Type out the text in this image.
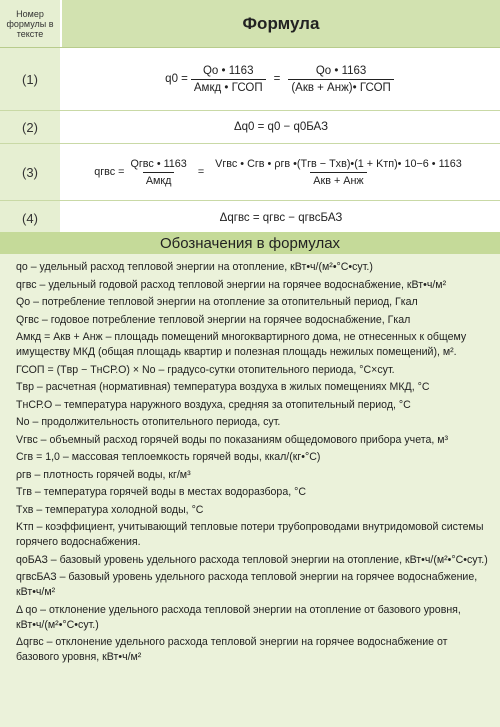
Номер формулы в тексте
Формула
(1)	$q0 = \frac{Qо • 1163}{\text{Aмкд • ГСОП}} = \frac{Qо • 1163}{\text{(Aкв + Aнж)• ГСОП}}$
(2)	Δq0 = q0 − q0БАЗ
(3)	qгвс = $\frac{\text{Qгвс • 1163}}{\text{Aмкд}} = \frac{\text{Vгвс • Cгв • ρгв •(Tгв − Tхв)•(1 + Kтп)• 10−6 • 1163}}{\text{Aкв + Aнж}}$
(4)	Δqгвс = qгвс − qгвсБАЗ
Обозначения в формулах

qо – удельный расход тепловой энергии на отопление, кВт•ч/(м²•°С•сут.)

qгвс – удельный годовой расход тепловой энергии на горячее водоснабжение, кВт•ч/м²

Qо – потребление тепловой энергии на отопление за отопительный период, Гкал

Qгвс – годовое потребление тепловой энергии на горячее водоснабжение, Гкал

Aмкд = Aкв + Aнж – площадь помещений многоквартирного дома, не отнесенных к общему имуществу МКД (общая площадь квартир и полезная площадь нежилых помещений), м².

ГСОП = (Tвр − TнСР.О) × Nо – градусо-сутки отопительного периода, °С×сут.

Tвр – расчетная (нормативная) температура воздуха в жилых помещениях МКД, °С

TнСР.О – температура наружного воздуха, средняя за отопительный период, °С

Nо – продолжительность отопительного периода, сут.

Vгвс – объемный расход горячей воды по показаниям общедомового прибора учета, м³

Cгв = 1,0 – массовая теплоемкость горячей воды, ккал/(кг•°С)

ρгв – плотность горячей воды, кг/м³

Tгв – температура горячей воды в местах водоразбора, °С

Tхв – температура холодной воды, °С

Kтп – коэффициент, учитывающий тепловые потери трубопроводами внутридомовой системы горячего водоснабжения.

qоБАЗ – базовый уровень удельного расхода тепловой энергии на отопление, кВт•ч/(м²•°С•сут.)

qгвсБАЗ – базовый уровень удельного расхода тепловой энергии на горячее водоснабжение, кВт•ч/м²

Δ qо – отклонение удельного расхода тепловой энергии на отопление от базового уровня, кВт•ч/(м²•°С•сут.)

Δqгвс – отклонение удельного расхода тепловой энергии на горячее водоснабжение от базового уровня, кВт•ч/м²
